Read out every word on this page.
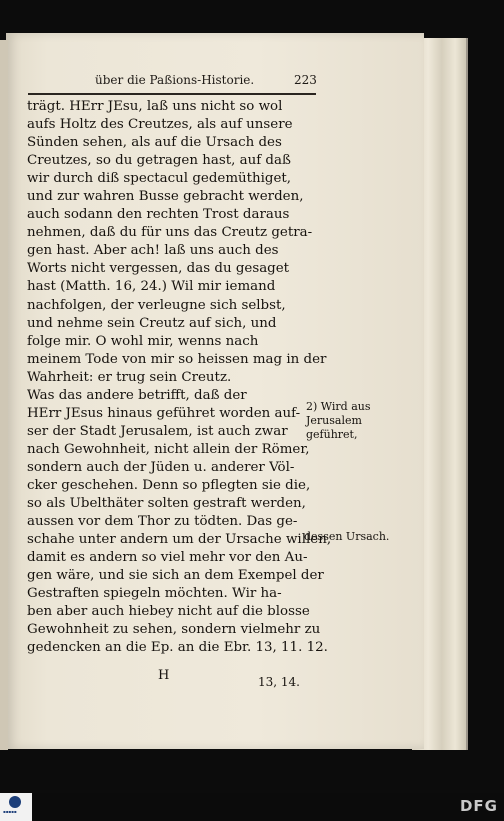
über die Paßions-Historie.	223
trägt. HErr JEsu, laß uns nicht so wol
aufs Holtz des Creutzes, als auf unsere
Sünden sehen, als auf die Ursach des
Creutzes, so du getragen hast, auf daß
wir durch diß spectacul gedemüthiget,
und zur wahren Busse gebracht werden,
auch sodann den rechten Trost daraus
nehmen, daß du für uns das Creutz getra-
gen hast. Aber ach! laß uns auch des
Worts nicht vergessen, das du gesaget
hast (Matth. 16, 24.) Wil mir iemand
nachfolgen, der verleugne sich selbst,
und nehme sein Creutz auf sich, und
folge mir. O wohl mir, wenns nach
meinem Tode von mir so heissen mag in der
Wahrheit: er trug sein Creutz.
Was das andere betrifft, daß der
HErr JEsus hinaus geführet worden auf-
ser der Stadt Jerusalem, ist auch zwar
nach Gewohnheit, nicht allein der Römer,
sondern auch der Jüden u. anderer Völ-
cker geschehen. Denn so pflegten sie die,
so als Ubelthäter solten gestraft werden,
aussen vor dem Thor zu tödten. Das ge-
schahe unter andern um der Ursache willen,
damit es andern so viel mehr vor den Au-
gen wäre, und sie sich an dem Exempel der
Gestraften spiegeln möchten. Wir ha-
ben aber auch hiebey nicht auf die blosse
Gewohnheit zu sehen, sondern vielmehr zu
gedencken an die Ep. an die Ebr. 13, 11. 12.
2) Wird aus
Jerusalem
geführet,
dessen Ursach.
H	13, 14.
▪▪▪▪▪	DFG
